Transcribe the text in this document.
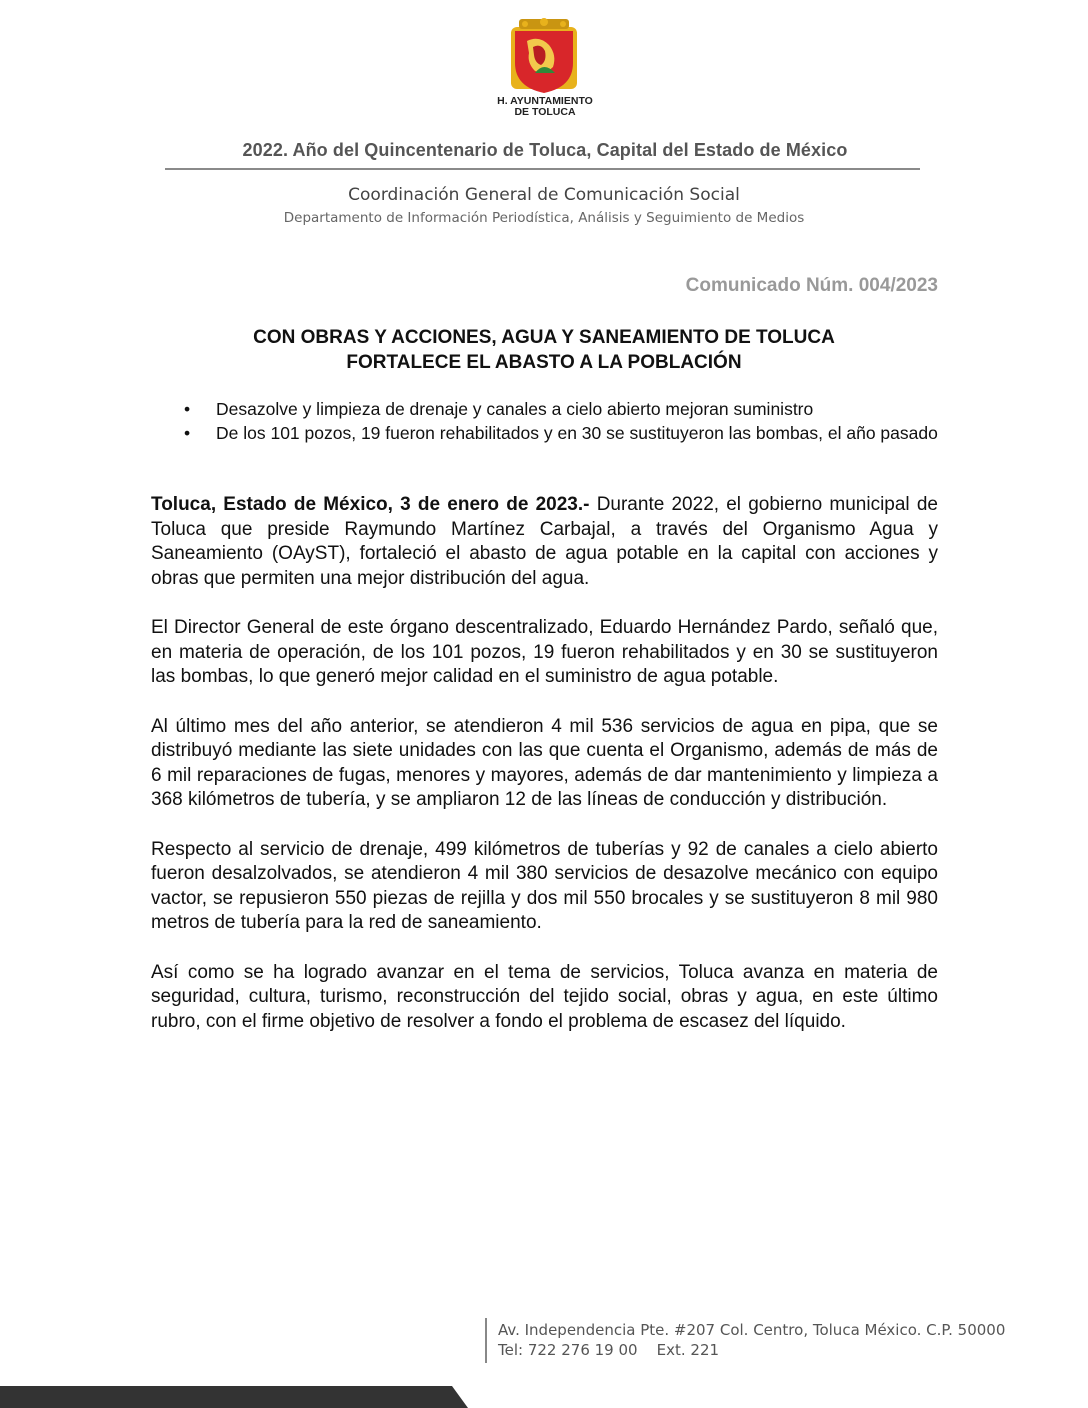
H. AYUNTAMIENTO
DE TOLUCA
2022. Año del Quincentenario de Toluca, Capital del Estado de México
Coordinación General de Comunicación Social
Departamento de Información Periodística, Análisis y Seguimiento de Medios
Comunicado Núm. 004/2023
CON OBRAS Y ACCIONES, AGUA Y SANEAMIENTO DE TOLUCA
FORTALECE EL ABASTO A LA POBLACIÓN
• Desazolve y limpieza de drenaje y canales a cielo abierto mejoran suministro
• De los 101 pozos, 19 fueron rehabilitados y en 30 se sustituyeron las bombas, el año pasado

Toluca, Estado de México, 3 de enero de 2023.- Durante 2022, el gobierno municipal de Toluca que preside Raymundo Martínez Carbajal, a través del Organismo Agua y Saneamiento (OAyST), fortaleció el abasto de agua potable en la capital con acciones y obras que permiten una mejor distribución del agua.

El Director General de este órgano descentralizado, Eduardo Hernández Pardo, señaló que, en materia de operación, de los 101 pozos, 19 fueron rehabilitados y en 30 se sustituyeron las bombas, lo que generó mejor calidad en el suministro de agua potable.

Al último mes del año anterior, se atendieron 4 mil 536 servicios de agua en pipa, que se distribuyó mediante las siete unidades con las que cuenta el Organismo, además de más de 6 mil reparaciones de fugas, menores y mayores, además de dar mantenimiento y limpieza a 368 kilómetros de tubería, y se ampliaron 12 de las líneas de conducción y distribución.

Respecto al servicio de drenaje, 499 kilómetros de tuberías y 92 de canales a cielo abierto fueron desalzolvados, se atendieron 4 mil 380 servicios de desazolve mecánico con equipo vactor, se repusieron 550 piezas de rejilla y dos mil 550 brocales y se sustituyeron 8 mil 980 metros de tubería para la red de saneamiento.

Así como se ha logrado avanzar en el tema de servicios, Toluca avanza en materia de seguridad, cultura, turismo, reconstrucción del tejido social, obras y agua, en este último rubro, con el firme objetivo de resolver a fondo el problema de escasez del líquido.

Av. Independencia Pte. #207 Col. Centro, Toluca México. C.P. 50000
Tel: 722 276 19 00    Ext. 221
